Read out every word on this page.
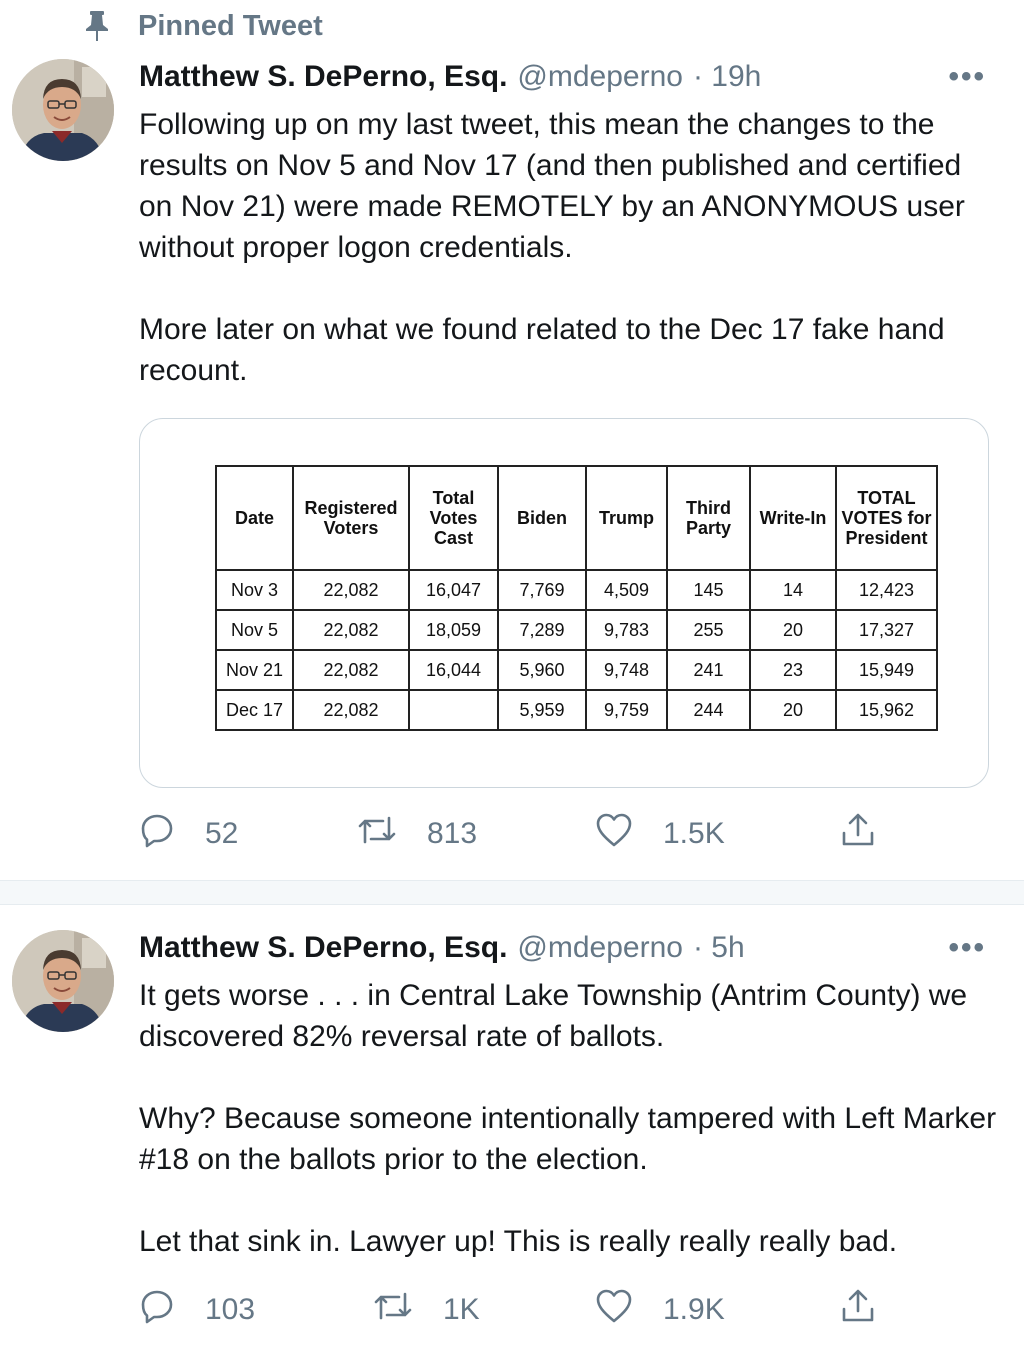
Pinned Tweet
Matthew S. DePerno, Esq. @mdeperno · 19h	•••

Following up on my last tweet, this mean the changes to the results on Nov 5 and Nov 17 (and then published and certified on Nov 21) were made REMOTELY by an ANONYMOUS user without proper logon credentials.

More later on what we found related to the Dec 17 fake hand recount.

Date	Registered Voters	Total Votes Cast	Biden	Trump	Third Party	Write-In	TOTAL VOTES for President
Nov 3	22,082	16,047	7,769	4,509	145	14	12,423
Nov 5	22,082	18,059	7,289	9,783	255	20	17,327
Nov 21	22,082	16,044	5,960	9,748	241	23	15,949
Dec 17	22,082		5,959	9,759	244	20	15,962
52	813	1.5K
Matthew S. DePerno, Esq. @mdeperno · 5h	•••

It gets worse . . . in Central Lake Township (Antrim County) we discovered 82% reversal rate of ballots.

Why? Because someone intentionally tampered with Left Marker #18 on the ballots prior to the election.

Let that sink in. Lawyer up! This is really really really bad.

103	1K	1.9K
